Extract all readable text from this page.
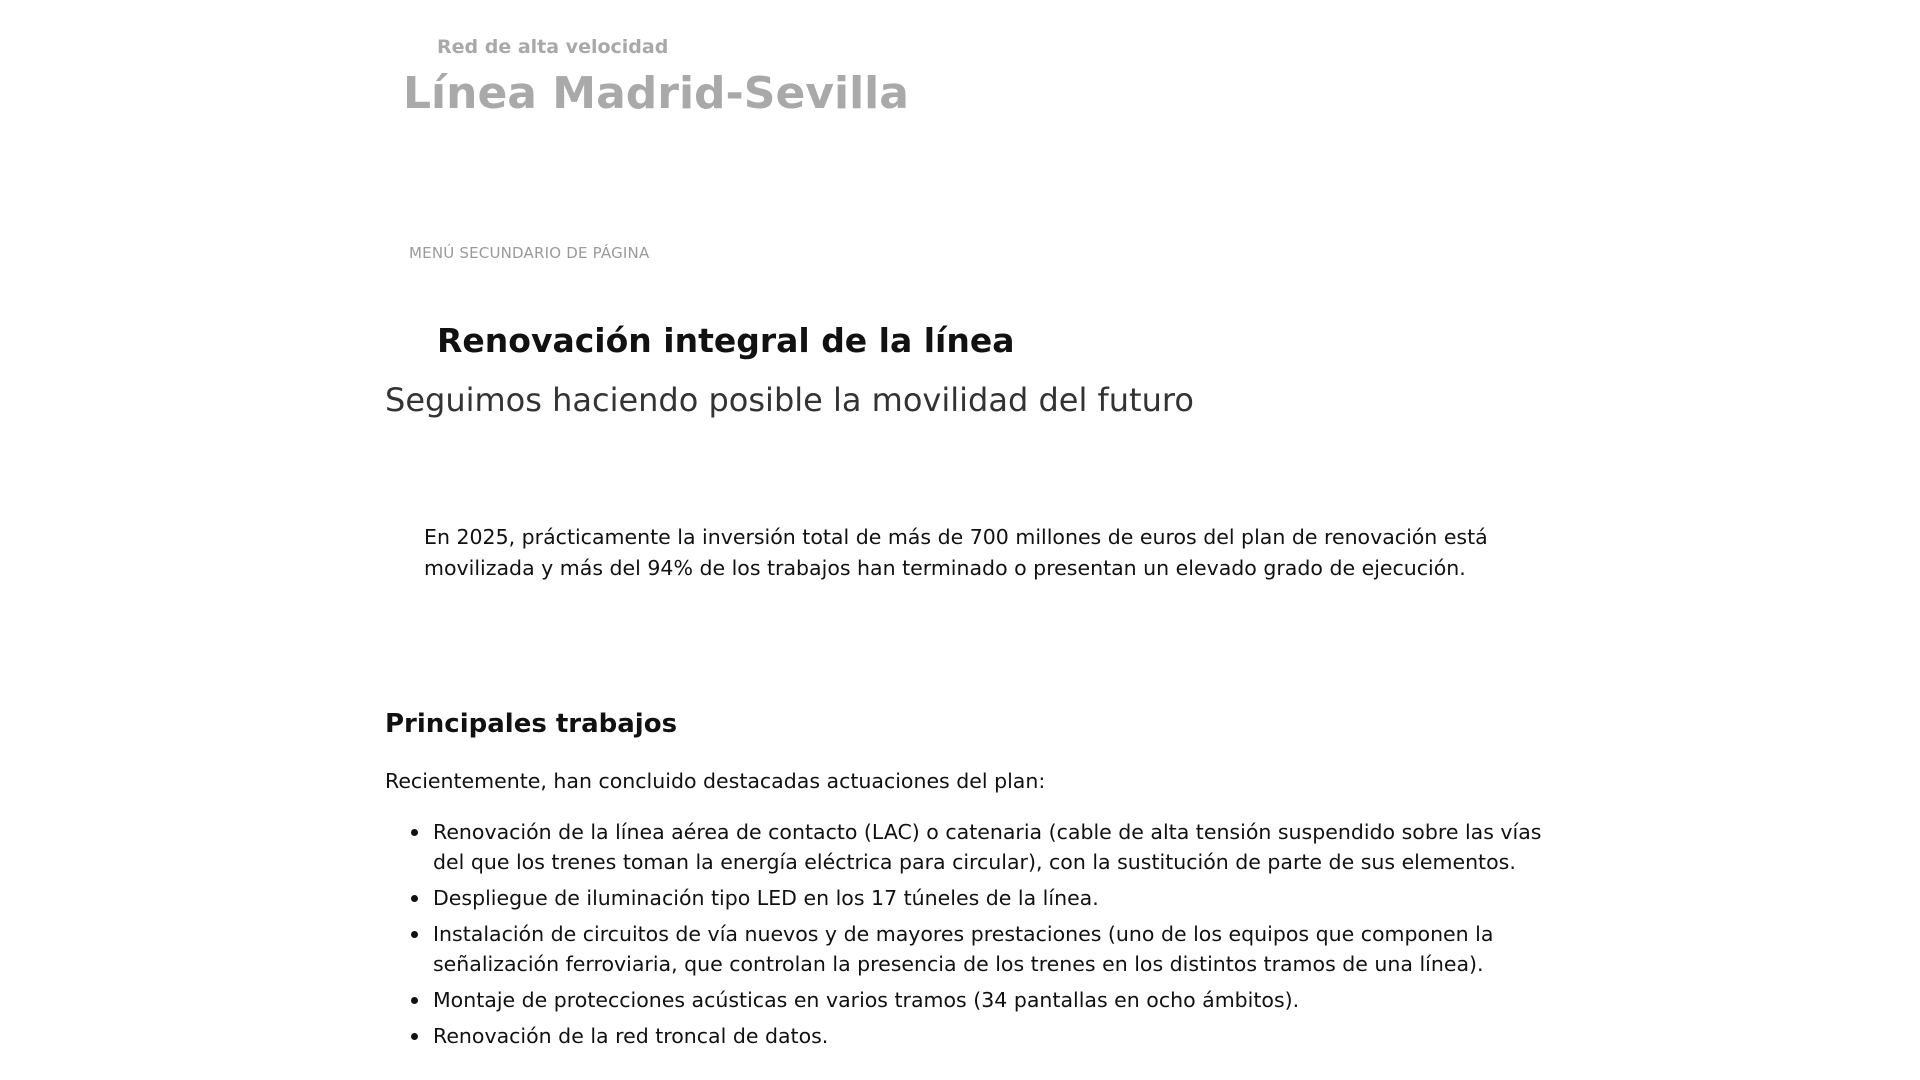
Red de alta velocidad
Línea Madrid-Sevilla
MENÚ SECUNDARIO DE PÁGINA
Renovación integral de la línea

Seguimos haciendo posible la movilidad del futuro

En 2025, prácticamente la inversión total de más de 700 millones de euros del plan de renovación está movilizada y más del 94% de los trabajos han terminado o presentan un elevado grado de ejecución.

Principales trabajos

Recientemente, han concluido destacadas actuaciones del plan:

Renovación de la línea aérea de contacto (LAC) o catenaria (cable de alta tensión suspendido sobre las vías del que los trenes toman la energía eléctrica para circular), con la sustitución de parte de sus elementos.
Despliegue de iluminación tipo LED en los 17 túneles de la línea.
Instalación de circuitos de vía nuevos y de mayores prestaciones (uno de los equipos que componen la señalización ferroviaria, que controlan la presencia de los trenes en los distintos tramos de una línea).
Montaje de protecciones acústicas en varios tramos (34 pantallas en ocho ámbitos).
Renovación de la red troncal de datos.
